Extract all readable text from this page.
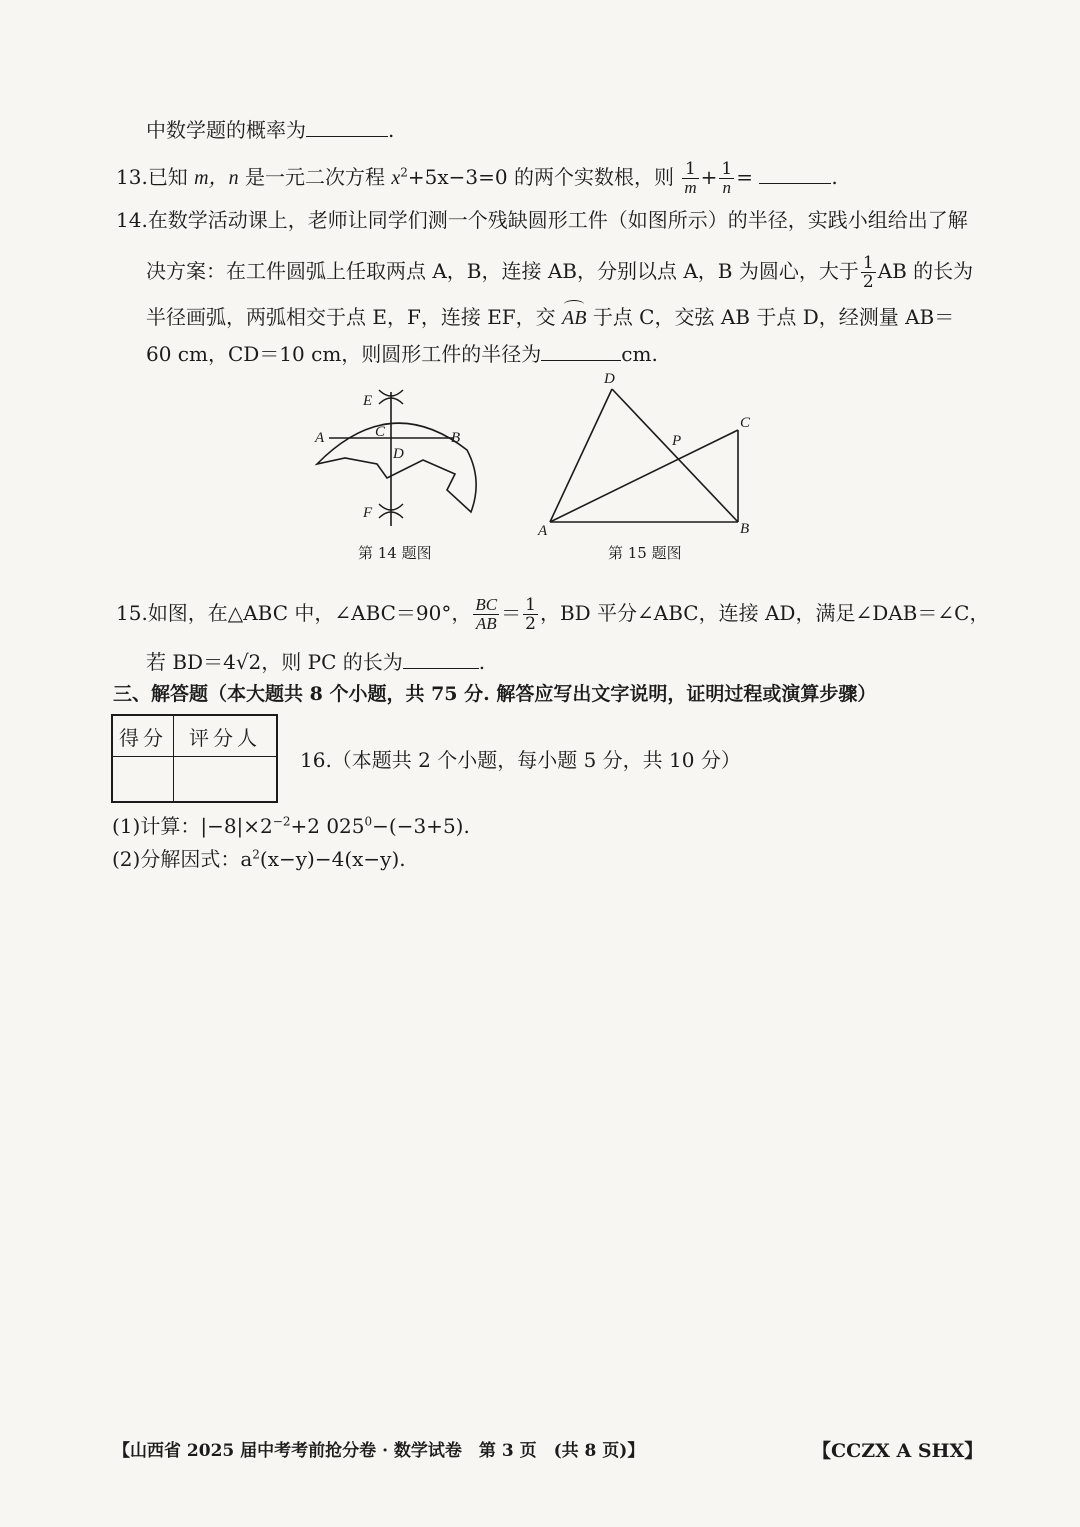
中数学题的概率为	.
13.已知 m，n 是一元二次方程 $x^2+5x-3=0$ 的两个实数根，则 $\frac{1}{m} + \frac{1}{n}$ =	.
14.在数学活动课上，老师让同学们测一个残缺圆形工件（如图所示）的半径，实践小组给出了解
决方案：在工件圆弧上任取两点 A，B，连接 AB，分别以点 A，B 为圆心，大于 $\frac{1}{2}$ AB 的长为
半径画弧，两弧相交于点 E，F，连接 EF，交 AB 于点 C，交弦 AB 于点 D，经测量 AB＝
60 cm，CD＝10 cm，则圆形工件的半径为	cm.
E
A	C	B
D
F
第 14 题图
D
C
P
A	B
第 15 题图
15.如图，在△ABC 中，∠ABC＝90°， $\frac{BC}{AB} = \frac{1}{2}$ ，BD 平分∠ABC，连接 AD，满足∠DAB＝∠C，
若 BD＝4√2，则 PC 的长为	.
三、解答题（本大题共 8 个小题，共 75 分. 解答应写出文字说明，证明过程或演算步骤）
得分	评分人

16.（本题共 2 个小题，每小题 5 分，共 10 分）
(1)计算：$|-8|\times 2^{-2}+2$ $025^0-(-3+5)$.
(2)分解因式：$a^2(x-y)-4(x-y)$.
【山西省 2025 届中考考前抢分卷 · 数学试卷　第 3 页　(共 8 页)】	【CCZX A SHX】
